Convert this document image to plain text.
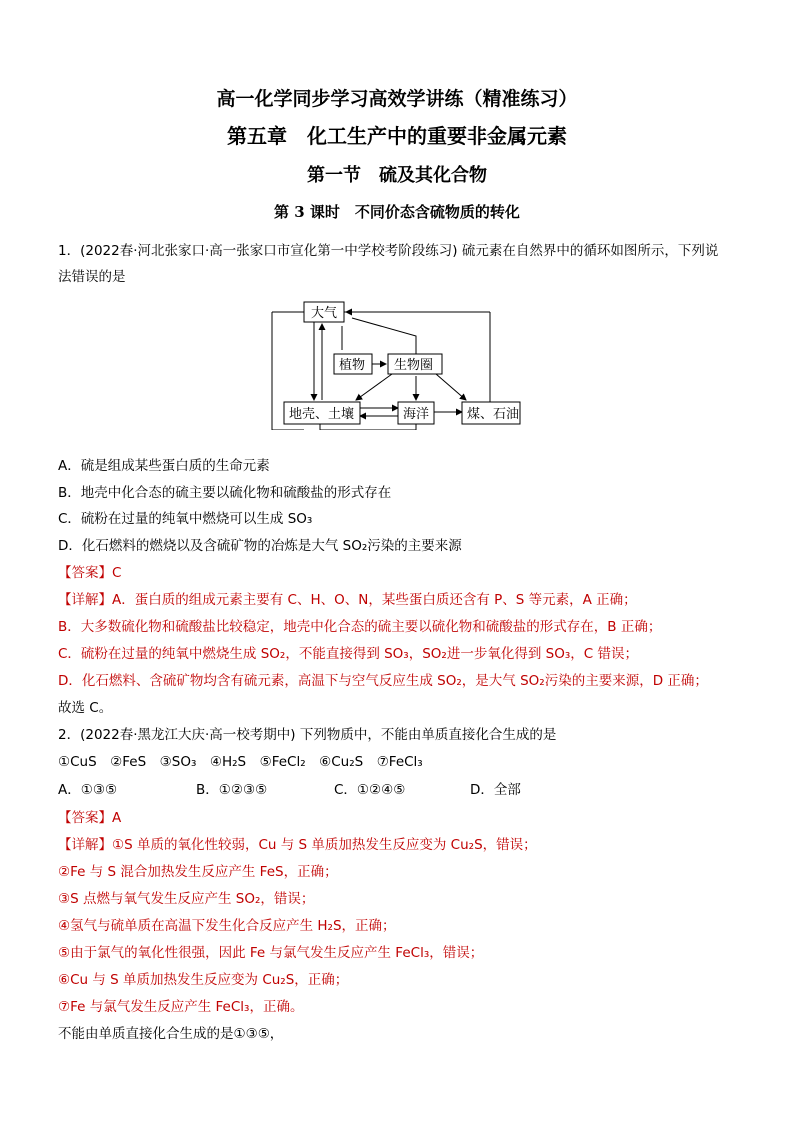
高一化学同步学习高效学讲练（精准练习）
第五章　化工生产中的重要非金属元素
第一节　硫及其化合物
第 3 课时　不同价态含硫物质的转化
1．(2022春·河北张家口·高一张家口市宣化第一中学校考阶段练习) 硫元素在自然界中的循环如图所示，下列说
法错误的是
大气
植物 生物圈
地壳、土壤	海洋	煤、石油
A．硫是组成某些蛋白质的生命元素
B．地壳中化合态的硫主要以硫化物和硫酸盐的形式存在
C．硫粉在过量的纯氧中燃烧可以生成 SO₃
D．化石燃料的燃烧以及含硫矿物的冶炼是大气 SO₂污染的主要来源
【答案】C
【详解】A．蛋白质的组成元素主要有 C、H、O、N，某些蛋白质还含有 P、S 等元素，A 正确；
B．大多数硫化物和硫酸盐比较稳定，地壳中化合态的硫主要以硫化物和硫酸盐的形式存在，B 正确；
C．硫粉在过量的纯氧中燃烧生成 SO₂，不能直接得到 SO₃，SO₂进一步氧化得到 SO₃，C 错误；
D．化石燃料、含硫矿物均含有硫元素，高温下与空气反应生成 SO₂，是大气 SO₂污染的主要来源，D 正确；
故选 C。
2．(2022春·黑龙江大庆·高一校考期中) 下列物质中，不能由单质直接化合生成的是
①CuS　②FeS　③SO₃　④H₂S　⑤FeCl₂　⑥Cu₂S　⑦FeCl₃
A．①③⑤	B．①②③⑤	C．①②④⑤	D．全部
【答案】A
【详解】①S 单质的氧化性较弱，Cu 与 S 单质加热发生反应变为 Cu₂S，错误；
②Fe 与 S 混合加热发生反应产生 FeS，正确；
③S 点燃与氧气发生反应产生 SO₂，错误；
④氢气与硫单质在高温下发生化合反应产生 H₂S，正确；
⑤由于氯气的氧化性很强，因此 Fe 与氯气发生反应产生 FeCl₃，错误；
⑥Cu 与 S 单质加热发生反应变为 Cu₂S，正确；
⑦Fe 与氯气发生反应产生 FeCl₃，正确。
不能由单质直接化合生成的是①③⑤，
